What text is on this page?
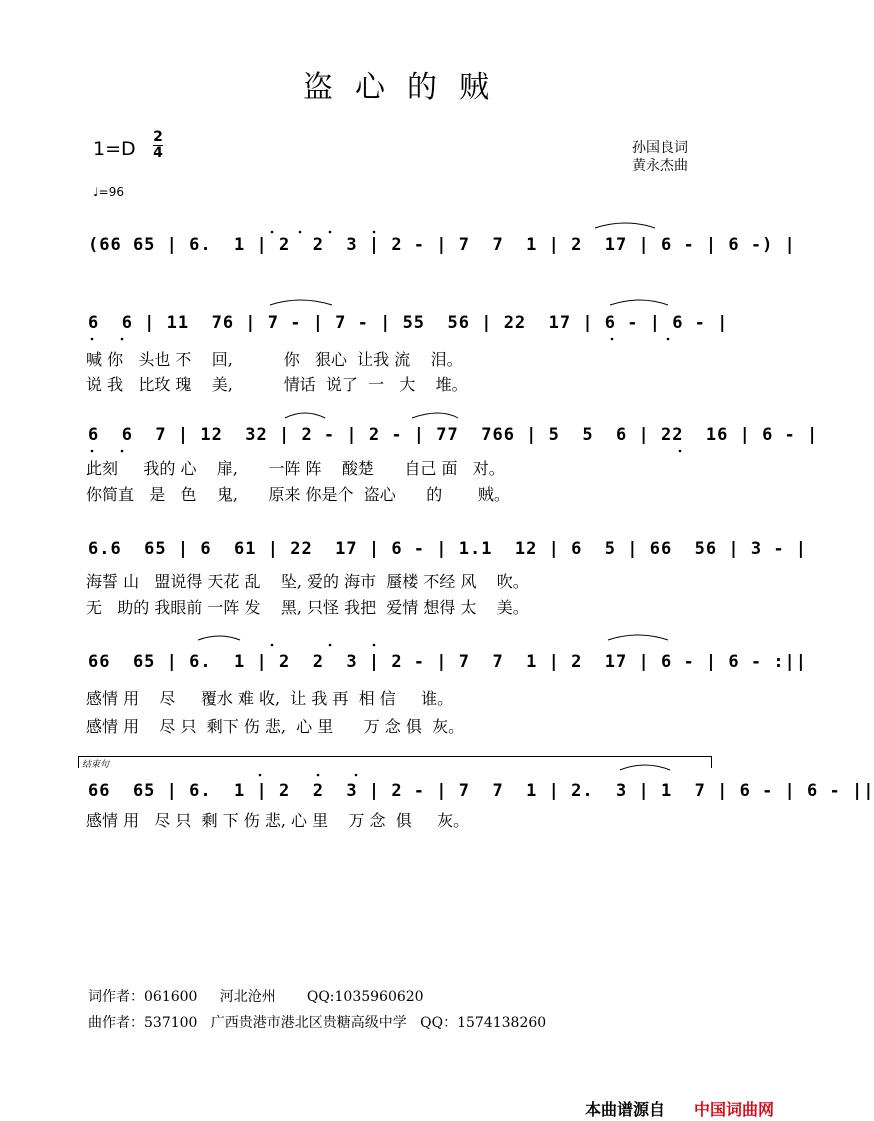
盗心的贼
1=D
2
4	孙国良词
黄永杰曲
♩=96
(66 65 | 6.  1 | 2  2  3 | 2 - | 7  7  1 | 2  17 | 6 - | 6 -) |
6  6 | 11  76 | 7 - | 7 - | 55  56 | 22  17 | 6 - | 6 - |
喊 你   头也 不    回,          你   狠心  让我 流    泪。
说 我   比玫 瑰    美,          情话  说了  一   大    堆。
6  6  7 | 12  32 | 2 - | 2 - | 77  766 | 5  5  6 | 22  16 | 6 - |
此刻     我的 心    扉,      一阵 阵    酸楚      自己 面   对。
你简直   是   色    鬼,      原来 你是个  盗心      的       贼。
6.6  65 | 6  61 | 22  17 | 6 - | 1.1  12 | 6  5 | 66  56 | 3 - |
海誓 山   盟说得 天花 乱    坠, 爱的 海市  蜃楼 不经 风    吹。
无   助的 我眼前 一阵 发    黑, 只怪 我把  爱情 想得 太    美。
66  65 | 6.  1 | 2  2  3 | 2 - | 7  7  1 | 2  17 | 6 - | 6 - :||
感情 用    尽     覆水 难 收,  让 我 再  相 信     谁。
感情 用    尽 只  剩下 伤 悲,  心 里      万 念 俱  灰。
结束句
66  65 | 6.  1 | 2  2  3 | 2 - | 7  7  1 | 2.  3 | 1  7 | 6 - | 6 - ||
感情 用   尽 只  剩 下 伤 悲, 心 里    万 念  俱     灰。
词作者：061600     河北沧州       QQ:1035960620
曲作者：537100   广西贵港市港北区贵糖高级中学   QQ：1574138260
本曲谱源自 中国词曲网
